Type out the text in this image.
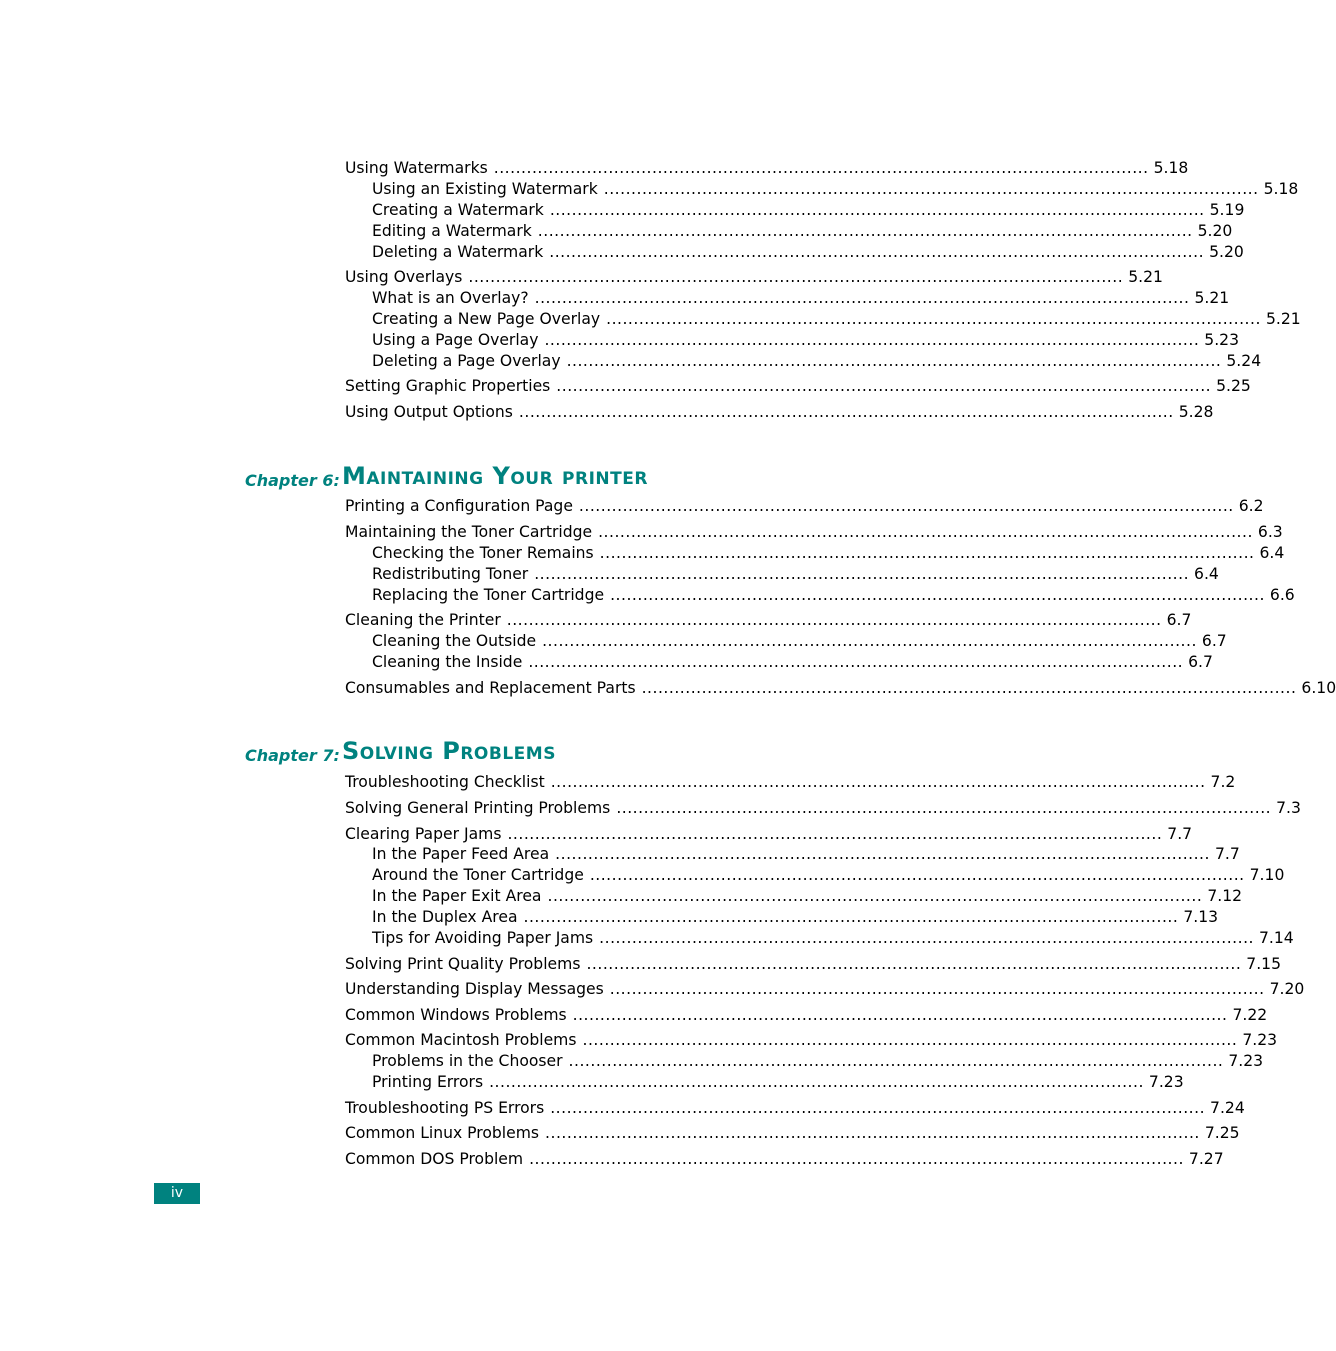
Chapter 6: Maintaining Your printer
Chapter 7: Solving Problems
Using Watermarks ........................................................................................................................ 5.18
Using an Existing Watermark ........................................................................................................................ 5.18
Creating a Watermark ........................................................................................................................ 5.19
Editing a Watermark ........................................................................................................................ 5.20
Deleting a Watermark ........................................................................................................................ 5.20
Using Overlays ........................................................................................................................ 5.21
What is an Overlay? ........................................................................................................................ 5.21
Creating a New Page Overlay ........................................................................................................................ 5.21
Using a Page Overlay ........................................................................................................................ 5.23
Deleting a Page Overlay ........................................................................................................................ 5.24
Setting Graphic Properties ........................................................................................................................ 5.25
Using Output Options ........................................................................................................................ 5.28
Printing a Configuration Page ........................................................................................................................ 6.2
Maintaining the Toner Cartridge ........................................................................................................................ 6.3
Checking the Toner Remains ........................................................................................................................ 6.4
Redistributing Toner ........................................................................................................................ 6.4
Replacing the Toner Cartridge ........................................................................................................................ 6.6
Cleaning the Printer ........................................................................................................................ 6.7
Cleaning the Outside ........................................................................................................................ 6.7
Cleaning the Inside ........................................................................................................................ 6.7
Consumables and Replacement Parts ........................................................................................................................ 6.10
Troubleshooting Checklist ........................................................................................................................ 7.2
Solving General Printing Problems ........................................................................................................................ 7.3
Clearing Paper Jams ........................................................................................................................ 7.7
In the Paper Feed Area ........................................................................................................................ 7.7
Around the Toner Cartridge ........................................................................................................................ 7.10
In the Paper Exit Area ........................................................................................................................ 7.12
In the Duplex Area ........................................................................................................................ 7.13
Tips for Avoiding Paper Jams ........................................................................................................................ 7.14
Solving Print Quality Problems ........................................................................................................................ 7.15
Understanding Display Messages ........................................................................................................................ 7.20
Common Windows Problems ........................................................................................................................ 7.22
Common Macintosh Problems ........................................................................................................................ 7.23
Problems in the Chooser ........................................................................................................................ 7.23
Printing Errors ........................................................................................................................ 7.23
Troubleshooting PS Errors ........................................................................................................................ 7.24
Common Linux Problems ........................................................................................................................ 7.25
Common DOS Problem ........................................................................................................................ 7.27
iv
